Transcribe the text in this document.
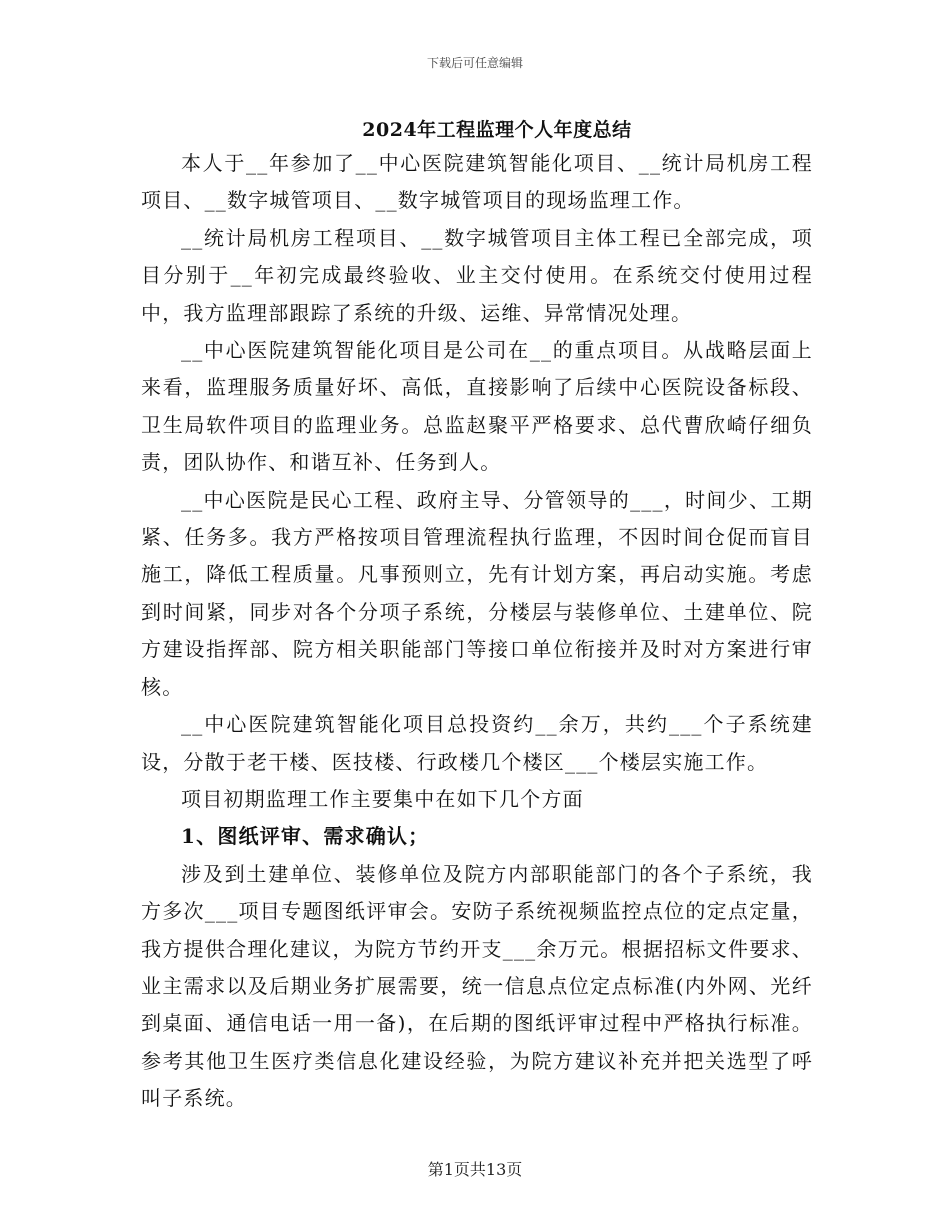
下载后可任意编辑
2024年工程监理个人年度总结

本人于__年参加了__中心医院建筑智能化项目、__统计局机房工程项目、__数字城管项目、__数字城管项目的现场监理工作。

__统计局机房工程项目、__数字城管项目主体工程已全部完成，项目分别于__年初完成最终验收、业主交付使用。在系统交付使用过程中，我方监理部跟踪了系统的升级、运维、异常情况处理。

__中心医院建筑智能化项目是公司在__的重点项目。从战略层面上来看，监理服务质量好坏、高低，直接影响了后续中心医院设备标段、卫生局软件项目的监理业务。总监赵聚平严格要求、总代曹欣崎仔细负责，团队协作、和谐互补、任务到人。

__中心医院是民心工程、政府主导、分管领导的___，时间少、工期紧、任务多。我方严格按项目管理流程执行监理，不因时间仓促而盲目施工，降低工程质量。凡事预则立，先有计划方案，再启动实施。考虑到时间紧，同步对各个分项子系统，分楼层与装修单位、土建单位、院方建设指挥部、院方相关职能部门等接口单位衔接并及时对方案进行审核。

__中心医院建筑智能化项目总投资约__余万，共约___个子系统建设，分散于老干楼、医技楼、行政楼几个楼区___个楼层实施工作。

项目初期监理工作主要集中在如下几个方面

1、图纸评审、需求确认；

涉及到土建单位、装修单位及院方内部职能部门的各个子系统，我方多次___项目专题图纸评审会。安防子系统视频监控点位的定点定量，我方提供合理化建议，为院方节约开支___余万元。根据招标文件要求、业主需求以及后期业务扩展需要，统一信息点位定点标准(内外网、光纤到桌面、通信电话一用一备)，在后期的图纸评审过程中严格执行标准。参考其他卫生医疗类信息化建设经验，为院方建议补充并把关选型了呼叫子系统。

第1页共13页
